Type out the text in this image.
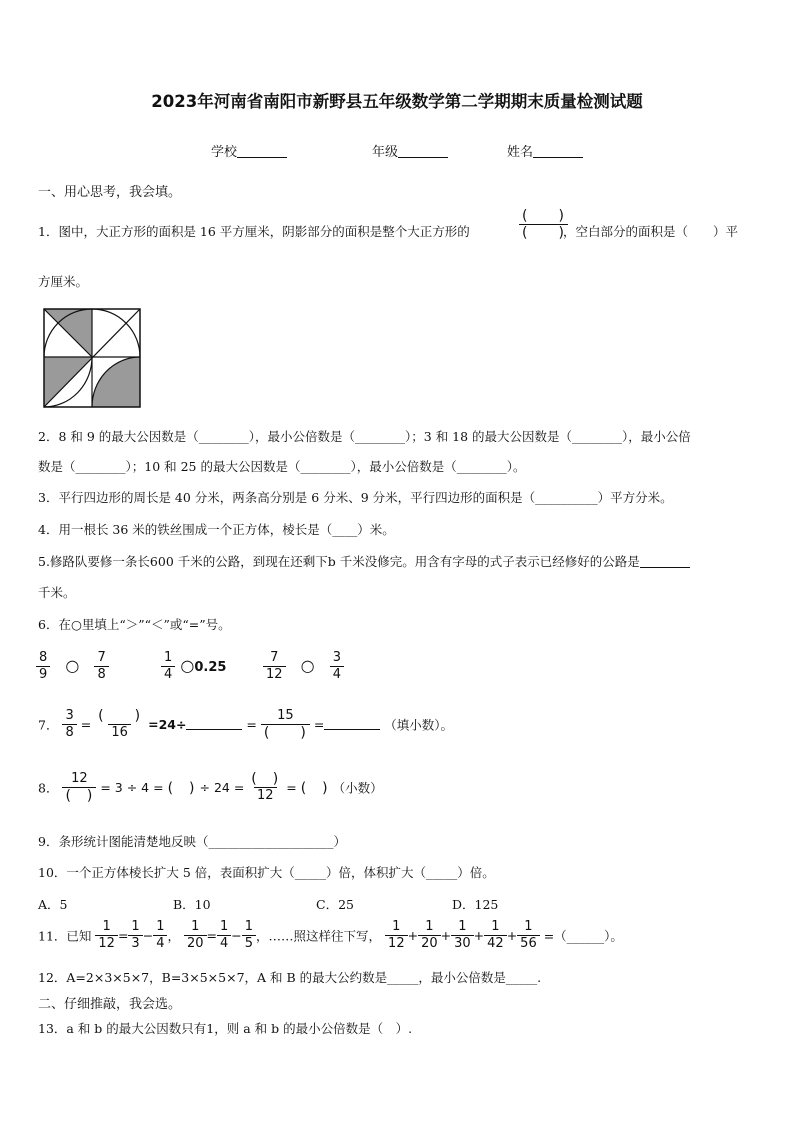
2023年河南省南阳市新野县五年级数学第二学期期末质量检测试题
学校	年级	姓名
一、用心思考，我会填。
1．图中，大正方形的面积是 16 平方厘米，阴影部分的面积是整个大正方形的	$\frac{( )}{( )}$
，空白部分的面积是（　　）平
方厘米。
2．8 和 9 的最大公因数是（________），最小公倍数是（________）；3 和 18 的最大公因数是（________），最小公倍
数是（________）；10 和 25 的最大公因数是（________），最小公倍数是（________）。
3．平行四边形的周长是 40 分米，两条高分别是 6 分米、9 分米，平行四边形的面积是（__________）平方分米。
4．用一根长 36 米的铁丝围成一个正方体，棱长是（____）米。
5.修路队要修一条长600 千米的公路，到现在还剩下b 千米没修完。用含有字母的式子表示已经修好的公路是
千米。
6．在○里填上“＞”“＜”或“=”号。
$\frac{8}{9}$ ○ $\frac{7}{8}$	$\frac{1}{4}$ ○0.25	$\frac{7}{12}$ ○ $\frac{3}{4}$
7． $\frac{3}{8} = \frac{( )}{16} =24\div$	= $\frac{15}{( )}$ =	（填小数）。
8． $\frac{12}{( )} = 3 \div 4$ = (　) ÷ $24 = \frac{( )}{12}$ = (　) （小数）
9．条形统计图能清楚地反映（____________________）
10．一个正方体棱长扩大 5 倍，表面积扩大（_____）倍，体积扩大（_____）倍。
A．5	B．10	C．25	D．125
11．已知 $\frac{1}{12} = \frac{1}{3} - \frac{1}{4}$ ， $\frac{1}{20} = \frac{1}{4} - \frac{1}{5}$ ，……照这样往下写， $\frac{1}{12} + \frac{1}{20} + \frac{1}{30} + \frac{1}{42} + \frac{1}{56}$ =（______）。
12．A=2×3×5×7，B=3×5×5×7，A 和 B 的最大公约数是_____，最小公倍数是_____.
二、仔细推敲，我会选。
13．a 和 b 的最大公因数只有1，则 a 和 b 的最小公倍数是（　）.
